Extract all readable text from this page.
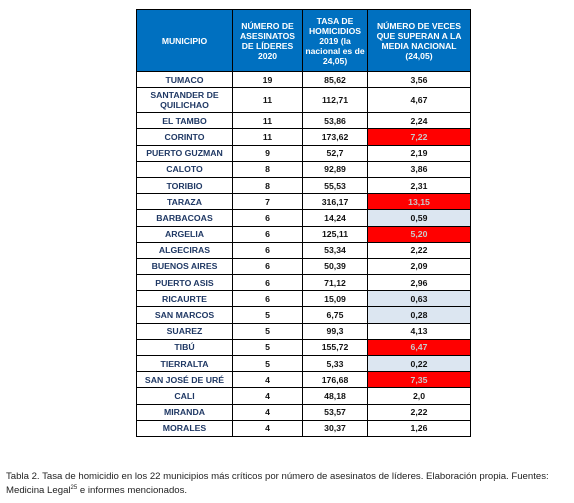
MUNICIPIO	NÚMERO DE ASESINATOS DE LÍDERES 2020	TASA DE HOMICIDIOS 2019 (la nacional es de 24,05)	NÚMERO DE VECES QUE SUPERAN A LA MEDIA NACIONAL (24,05)
TUMACO	19	85,62	3,56
SANTANDER DE QUILICHAO	11	112,71	4,67
EL TAMBO	11	53,86	2,24
CORINTO	11	173,62	7,22
PUERTO GUZMAN	9	52,7	2,19
CALOTO	8	92,89	3,86
TORIBIO	8	55,53	2,31
TARAZA	7	316,17	13,15
BARBACOAS	6	14,24	0,59
ARGELIA	6	125,11	5,20
ALGECIRAS	6	53,34	2,22
BUENOS AIRES	6	50,39	2,09
PUERTO ASIS	6	71,12	2,96
RICAURTE	6	15,09	0,63
SAN MARCOS	5	6,75	0,28
SUAREZ	5	99,3	4,13
TIBÚ	5	155,72	6,47
TIERRALTA	5	5,33	0,22
SAN JOSÉ DE URÉ	4	176,68	7,35
CALI	4	48,18	2,0
MIRANDA	4	53,57	2,22
MORALES	4	30,37	1,26
Tabla 2. Tasa de homicidio en los 22 municipios más críticos por número de asesinatos de líderes. Elaboración propia. Fuentes: Medicina Legal$^{25}$ e informes mencionados.
